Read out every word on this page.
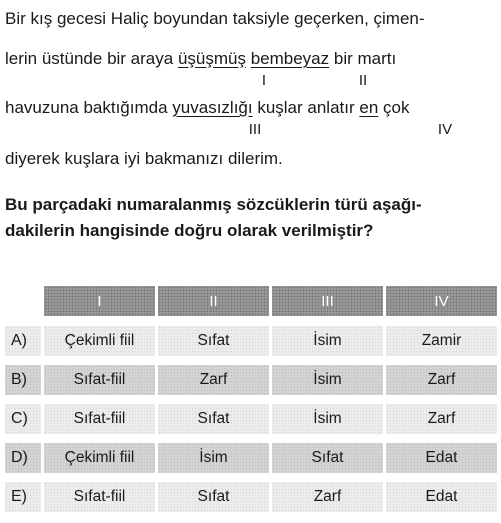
Bir kış gecesi Haliç boyundan taksiyle geçerken, çimen-
lerin üstünde bir araya üşüşmüş bembeyaz bir martı
I	II
havuzuna baktığımda yuvasızlığı kuşlar anlatır en çok
III	IV
diyerek kuşlara iyi bakmanızı dilerim.
Bu parçadaki numaralanmış sözcüklerin türü aşağı-
dakilerin hangisinde doğru olarak verilmiştir?
I	II	III	IV
A)	Çekimli fiil	Sıfat	İsim	Zamir
B)	Sıfat-fiil	Zarf	İsim	Zarf
C)	Sıfat-fiil	Sıfat	İsim	Zarf
D)	Çekimli fiil	İsim	Sıfat	Edat
E)	Sıfat-fiil	Sıfat	Zarf	Edat
